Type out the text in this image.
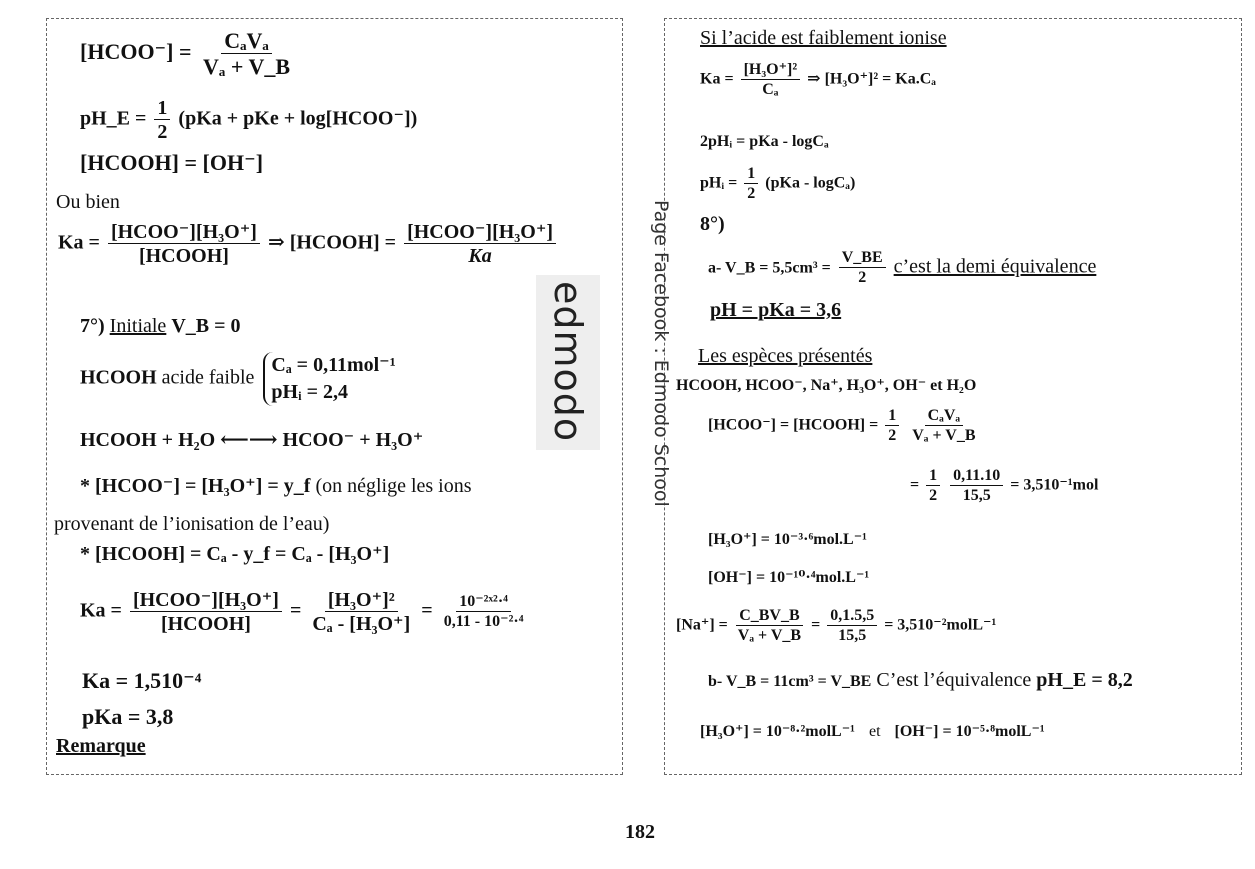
[HCOO⁻] = $\frac{\text{CₐVₐ}}{\text{Vₐ + V\_B}}$
pH_E = $\frac{1}{2} (pKa$ + pKe + log[HCOO⁻])
[HCOOH] = [OH⁻]
Ou bien
$Ka = \frac{\text{[HCOO⁻][H₃O⁺]}}{\text{[HCOOH]}}$ ⇒ [HCOOH] = $\frac{\text{[HCOO⁻][H₃O⁺]}}{Ka}$
7°) Initiale V_B = 0
HCOOH acide faible
Cₐ = 0,11mol⁻¹
pHᵢ = 2,4
HCOOH + H₂O ⟵⟶ HCOO⁻ + H₃O⁺
* [HCOO⁻] = [H₃O⁺] = y_f (on néglige les ions
provenant de l’ionisation de l’eau)
* [HCOOH] = Cₐ - y_f = Cₐ - [H₃O⁺]
$Ka = \frac{\text{[HCOO⁻][H₃O⁺]}}{\text{[HCOOH]}} = \frac{\text{[H₃O⁺]²}}{\text{Cₐ - [H₃O⁺]}} = \frac{\text{10⁻²ˣ²·⁴}}{\text{0,11 - 10⁻²·⁴}}$
Ka = 1,510⁻⁴
pKa = 3,8
Remarque
edmodo	Page Facebook : Edmodo School
Si l’acide est faiblement ionise
$Ka = \frac{\text{[H₃O⁺]²}}{\text{Cₐ}}$ ⇒ [H₃O⁺]² = Ka.Cₐ
2pHᵢ = pKa - logCₐ
pHᵢ = $\frac{1}{2} (pKa - \log C_a)$
8°)
a- V_B = $5,5cm^3 = \frac{V\_BE}{2}$ c’est la demi équivalence
pH = pKa = 3,6
Les espèces présentés
HCOOH, HCOO⁻, Na⁺, H₃O⁺, OH⁻ et H₂O
[HCOO⁻] = [HCOOH] = $\frac{1}{2}$
$\frac{\text{CₐVₐ}}{\text{Vₐ + V\_B}}$
= $\frac{1}{2}$
$\frac{0,11.10}{15,5} = 3,510^{-1}mol$
[H₃O⁺] = 10⁻³·⁶mol.L⁻¹
[OH⁻] = 10⁻¹⁰·⁴mol.L⁻¹
$[Na^+] = \frac{C\_BV\_B}{\text{Vₐ + V\_B}} = \frac{0,1.5,5}{15,5}$ = 3,510⁻²molL⁻¹
b- V_B = 11cm³ = V_BE C’est l’équivalence pH_E = 8,2
[H₃O⁺] = 10⁻⁸·²molL⁻¹ et [OH⁻] = 10⁻⁵·⁸molL⁻¹
182
